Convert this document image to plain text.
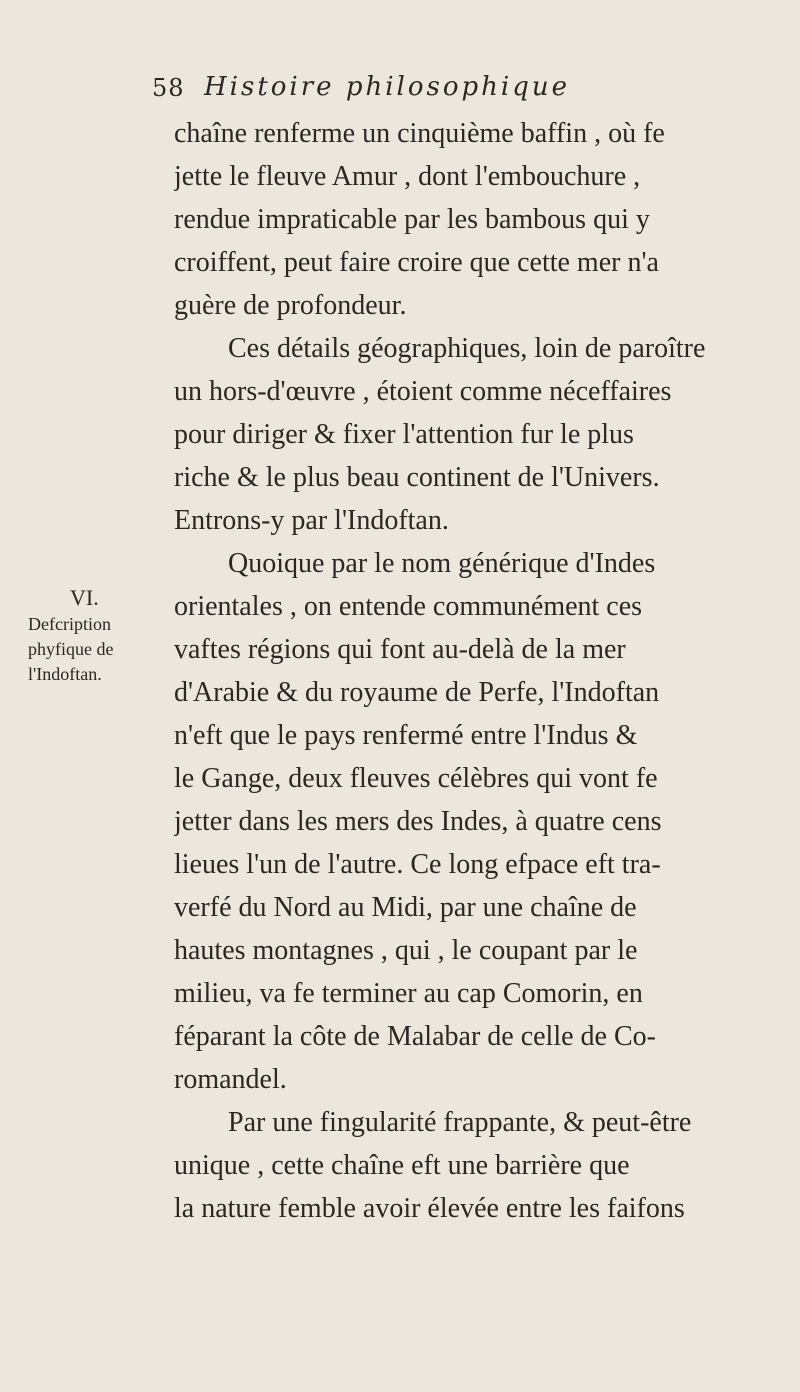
58 Histoire philosophique
VI.
Defcription
phyfique de
l'Indoftan.
chaîne renferme un cinquième baffin , où fe
jette le fleuve Amur , dont l'embouchure ,
rendue impraticable par les bambous qui y
croiffent, peut faire croire que cette mer n'a
guère de profondeur.
Ces détails géographiques, loin de paroître
un hors-d'œuvre , étoient comme néceffaires
pour diriger & fixer l'attention fur le plus
riche & le plus beau continent de l'Univers.
Entrons-y par l'Indoftan.
Quoique par le nom générique d'Indes
orientales , on entende communément ces
vaftes régions qui font au-delà de la mer
d'Arabie & du royaume de Perfe, l'Indoftan
n'eft que le pays renfermé entre l'Indus &
le Gange, deux fleuves célèbres qui vont fe
jetter dans les mers des Indes, à quatre cens
lieues l'un de l'autre. Ce long efpace eft tra-
verfé du Nord au Midi, par une chaîne de
hautes montagnes , qui , le coupant par le
milieu, va fe terminer au cap Comorin, en
féparant la côte de Malabar de celle de Co-
romandel.
Par une fingularité frappante, & peut-être
unique , cette chaîne eft une barrière que
la nature femble avoir élevée entre les faifons
